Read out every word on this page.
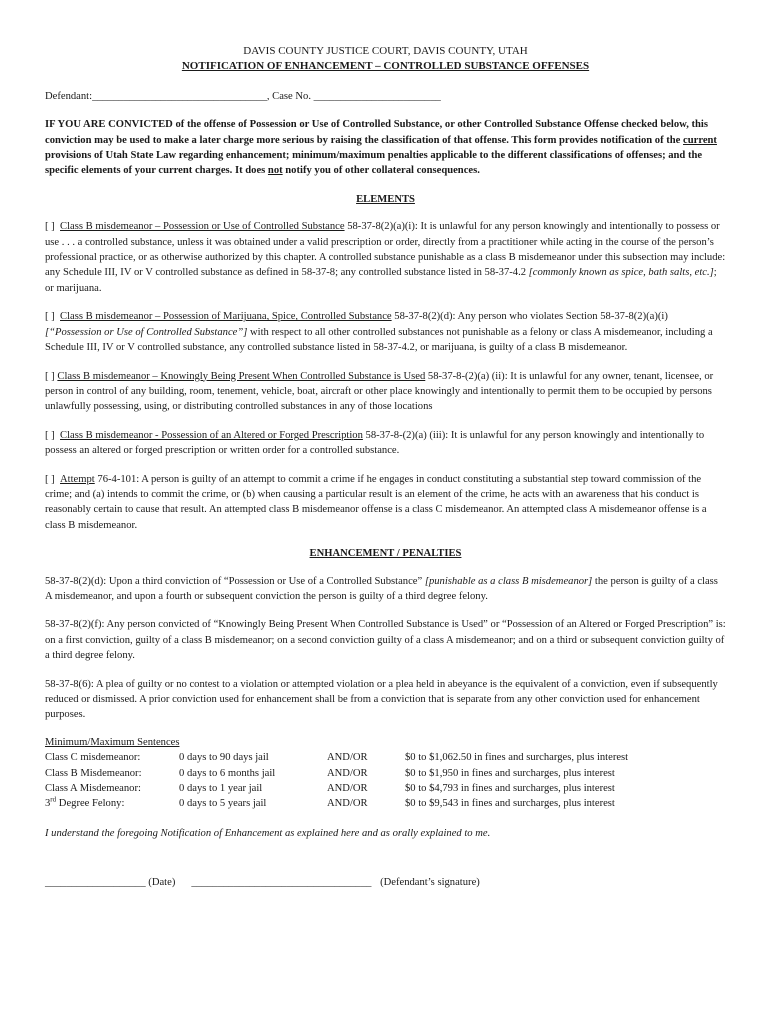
DAVIS COUNTY JUSTICE COURT, DAVIS COUNTY, UTAH

NOTIFICATION OF ENHANCEMENT – CONTROLLED SUBSTANCE OFFENSES

Defendant:_________________________________, Case No. ________________________

IF YOU ARE CONVICTED of the offense of Possession or Use of Controlled Substance, or other Controlled Substance Offense checked below, this conviction may be used to make a later charge more serious by raising the classification of that offense. This form provides notification of the current provisions of Utah State Law regarding enhancement; minimum/maximum penalties applicable to the different classifications of offenses; and the specific elements of your current charges. It does not notify you of other collateral consequences.

ELEMENTS

[ ] Class B misdemeanor – Possession or Use of Controlled Substance 58-37-8(2)(a)(i): It is unlawful for any person knowingly and intentionally to possess or use . . . a controlled substance, unless it was obtained under a valid prescription or order, directly from a practitioner while acting in the course of the person’s professional practice, or as otherwise authorized by this chapter. A controlled substance punishable as a class B misdemeanor under this subsection may include: any Schedule III, IV or V controlled substance as defined in 58-37-8; any controlled substance listed in 58-37-4.2 [commonly known as spice, bath salts, etc.]; or marijuana.

[ ] Class B misdemeanor – Possession of Marijuana, Spice, Controlled Substance 58-37-8(2)(d): Any person who violates Section 58-37-8(2)(a)(i) [“Possession or Use of Controlled Substance”] with respect to all other controlled substances not punishable as a felony or class A misdemeanor, including a Schedule III, IV or V controlled substance, any controlled substance listed in 58-37-4.2, or marijuana, is guilty of a class B misdemeanor.

[ ] Class B misdemeanor – Knowingly Being Present When Controlled Substance is Used 58-37-8-(2)(a) (ii): It is unlawful for any owner, tenant, licensee, or person in control of any building, room, tenement, vehicle, boat, aircraft or other place knowingly and intentionally to permit them to be occupied by persons unlawfully possessing, using, or distributing controlled substances in any of those locations

[ ] Class B misdemeanor - Possession of an Altered or Forged Prescription 58-37-8-(2)(a) (iii): It is unlawful for any person knowingly and intentionally to possess an altered or forged prescription or written order for a controlled substance.

[ ] Attempt 76-4-101: A person is guilty of an attempt to commit a crime if he engages in conduct constituting a substantial step toward commission of the crime; and (a) intends to commit the crime, or (b) when causing a particular result is an element of the crime, he acts with an awareness that his conduct is reasonably certain to cause that result. An attempted class B misdemeanor offense is a class C misdemeanor. An attempted class A misdemeanor offense is a class B misdemeanor.

ENHANCEMENT / PENALTIES

58-37-8(2)(d): Upon a third conviction of “Possession or Use of a Controlled Substance” [punishable as a class B misdemeanor] the person is guilty of a class A misdemeanor, and upon a fourth or subsequent conviction the person is guilty of a third degree felony.

58-37-8(2)(f): Any person convicted of “Knowingly Being Present When Controlled Substance is Used” or “Possession of an Altered or Forged Prescription” is: on a first conviction, guilty of a class B misdemeanor; on a second conviction guilty of a class A misdemeanor; and on a third or subsequent conviction guilty of a third degree felony.

58-37-8(6): A plea of guilty or no contest to a violation or attempted violation or a plea held in abeyance is the equivalent of a conviction, even if subsequently reduced or dismissed. A prior conviction used for enhancement shall be from a conviction that is separate from any other conviction used for enhancement purposes.

Minimum/Maximum Sentences

Class C misdemeanor:	0 days to 90 days jail	AND/OR	$0 to $1,062.50 in fines and surcharges, plus interest
Class B Misdemeanor:	0 days to 6 months jail	AND/OR	$0 to $1,950 in fines and surcharges, plus interest
Class A Misdemeanor:	0 days to 1 year jail	AND/OR	$0 to $4,793 in fines and surcharges, plus interest
3rd Degree Felony:	0 days to 5 years jail	AND/OR	$0 to $9,543 in fines and surcharges, plus interest

I understand the foregoing Notification of Enhancement as explained here and as orally explained to me.

___________________ (Date) __________________________________ (Defendant’s signature)
